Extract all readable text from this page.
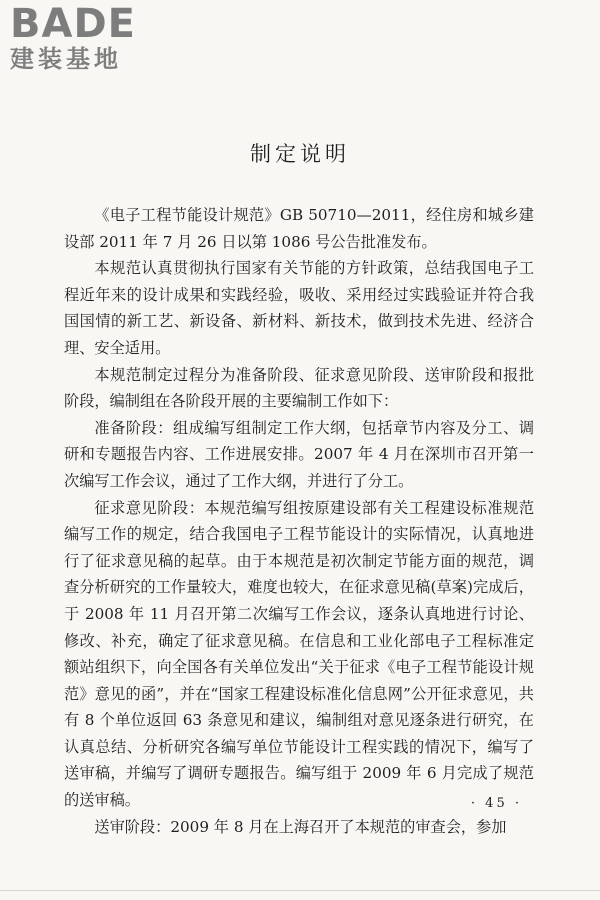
BADE
建装基地
制定说明

《电子工程节能设计规范》GB 50710—2011，经住房和城乡建设部 2011 年 7 月 26 日以第 1086 号公告批准发布。

本规范认真贯彻执行国家有关节能的方针政策，总结我国电子工程近年来的设计成果和实践经验，吸收、采用经过实践验证并符合我国国情的新工艺、新设备、新材料、新技术，做到技术先进、经济合理、安全适用。

本规范制定过程分为准备阶段、征求意见阶段、送审阶段和报批阶段，编制组在各阶段开展的主要编制工作如下：

准备阶段：组成编写组制定工作大纲，包括章节内容及分工、调研和专题报告内容、工作进展安排。2007 年 4 月在深圳市召开第一次编写工作会议，通过了工作大纲，并进行了分工。

征求意见阶段：本规范编写组按原建设部有关工程建设标准规范编写工作的规定，结合我国电子工程节能设计的实际情况，认真地进行了征求意见稿的起草。由于本规范是初次制定节能方面的规范，调查分析研究的工作量较大，难度也较大，在征求意见稿(草案)完成后，于 2008 年 11 月召开第二次编写工作会议，逐条认真地进行讨论、修改、补充，确定了征求意见稿。在信息和工业化部电子工程标准定额站组织下，向全国各有关单位发出“关于征求《电子工程节能设计规范》意见的函”，并在“国家工程建设标准化信息网”公开征求意见，共有 8 个单位返回 63 条意见和建议，编制组对意见逐条进行研究，在认真总结、分析研究各编写单位节能设计工程实践的情况下，编写了送审稿，并编写了调研专题报告。编写组于 2009 年 6 月完成了规范的送审稿。

送审阶段：2009 年 8 月在上海召开了本规范的审查会，参加

· 45 ·
